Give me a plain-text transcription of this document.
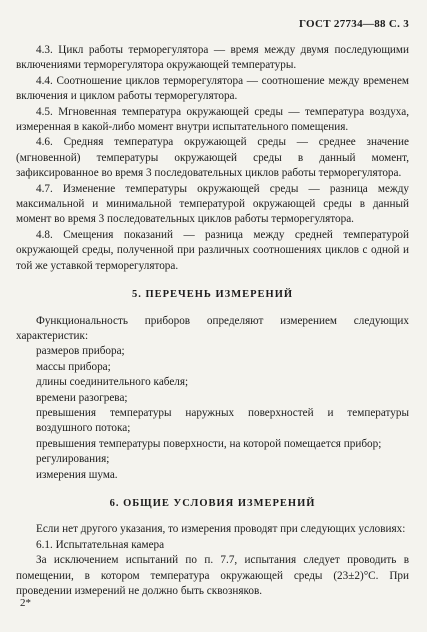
ГОСТ 27734—88 С. 3

4.3. Цикл работы терморегулятора — время между двумя последующими включениями терморегулятора окружающей температуры.

4.4. Соотношение циклов терморегулятора — соотношение между временем включения и циклом работы терморегулятора.

4.5. Мгновенная температура окружающей среды — температура воздуха, измеренная в какой-либо момент внутри испытательного помещения.

4.6. Средняя температура окружающей среды — среднее значение (мгновенной) температуры окружающей среды в данный момент, зафиксированное во время 3 последовательных циклов работы терморегулятора.

4.7. Изменение температуры окружающей среды — разница между максимальной и минимальной температурой окружающей среды в данный момент во время 3 последовательных циклов работы терморегулятора.

4.8. Смещения показаний — разница между средней температурой окружающей среды, полученной при различных соотношениях циклов с одной и той же уставкой терморегулятора.

5. ПЕРЕЧЕНЬ ИЗМЕРЕНИЙ

Функциональность приборов определяют измерением следующих характеристик:

размеров прибора;

массы прибора;

длины соединительного кабеля;

времени разогрева;

превышения температуры наружных поверхностей и температуры воздушного потока;

превышения температуры поверхности, на которой помещается прибор;

регулирования;

измерения шума.

6. ОБЩИЕ УСЛОВИЯ ИЗМЕРЕНИЙ

Если нет другого указания, то измерения проводят при следующих условиях:

6.1. Испытательная камера

За исключением испытаний по п. 7.7, испытания следует проводить в помещении, в котором температура окружающей среды (23±2)°С. При проведении измерений не должно быть сквозняков.

2*
